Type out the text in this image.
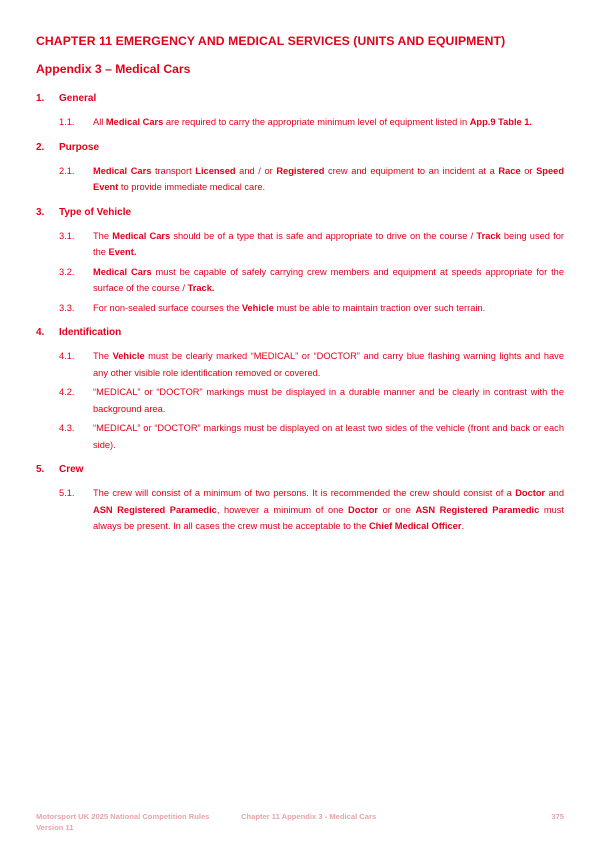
CHAPTER 11 EMERGENCY AND MEDICAL SERVICES (UNITS AND EQUIPMENT)
Appendix 3 – Medical Cars
1.	General
1.1.	All Medical Cars are required to carry the appropriate minimum level of equipment listed in App.9 Table 1.
2.	Purpose
2.1.	Medical Cars transport Licensed and / or Registered crew and equipment to an incident at a Race or Speed Event to provide immediate medical care.
3.	Type of Vehicle
3.1.	The Medical Cars should be of a type that is safe and appropriate to drive on the course / Track being used for the Event.
3.2.	Medical Cars must be capable of safely carrying crew members and equipment at speeds appropriate for the surface of the course / Track.
3.3.	For non-sealed surface courses the Vehicle must be able to maintain traction over such terrain.
4.	Identification
4.1.	The Vehicle must be clearly marked “MEDICAL” or “DOCTOR” and carry blue flashing warning lights and have any other visible role identification removed or covered.
4.2.	“MEDICAL” or “DOCTOR” markings must be displayed in a durable manner and be clearly in contrast with the background area.
4.3.	“MEDICAL” or “DOCTOR” markings must be displayed on at least two sides of the vehicle (front and back or each side).
5.	Crew
5.1.	The crew will consist of a minimum of two persons. It is recommended the crew should consist of a Doctor and ASN Registered Paramedic, however a minimum of one Doctor or one ASN Registered Paramedic must always be present. In all cases the crew must be acceptable to the Chief Medical Officer.
Motorsport UK 2025 National Competition Rules
Version 11
Chapter 11 Appendix 3 - Medical Cars	375
